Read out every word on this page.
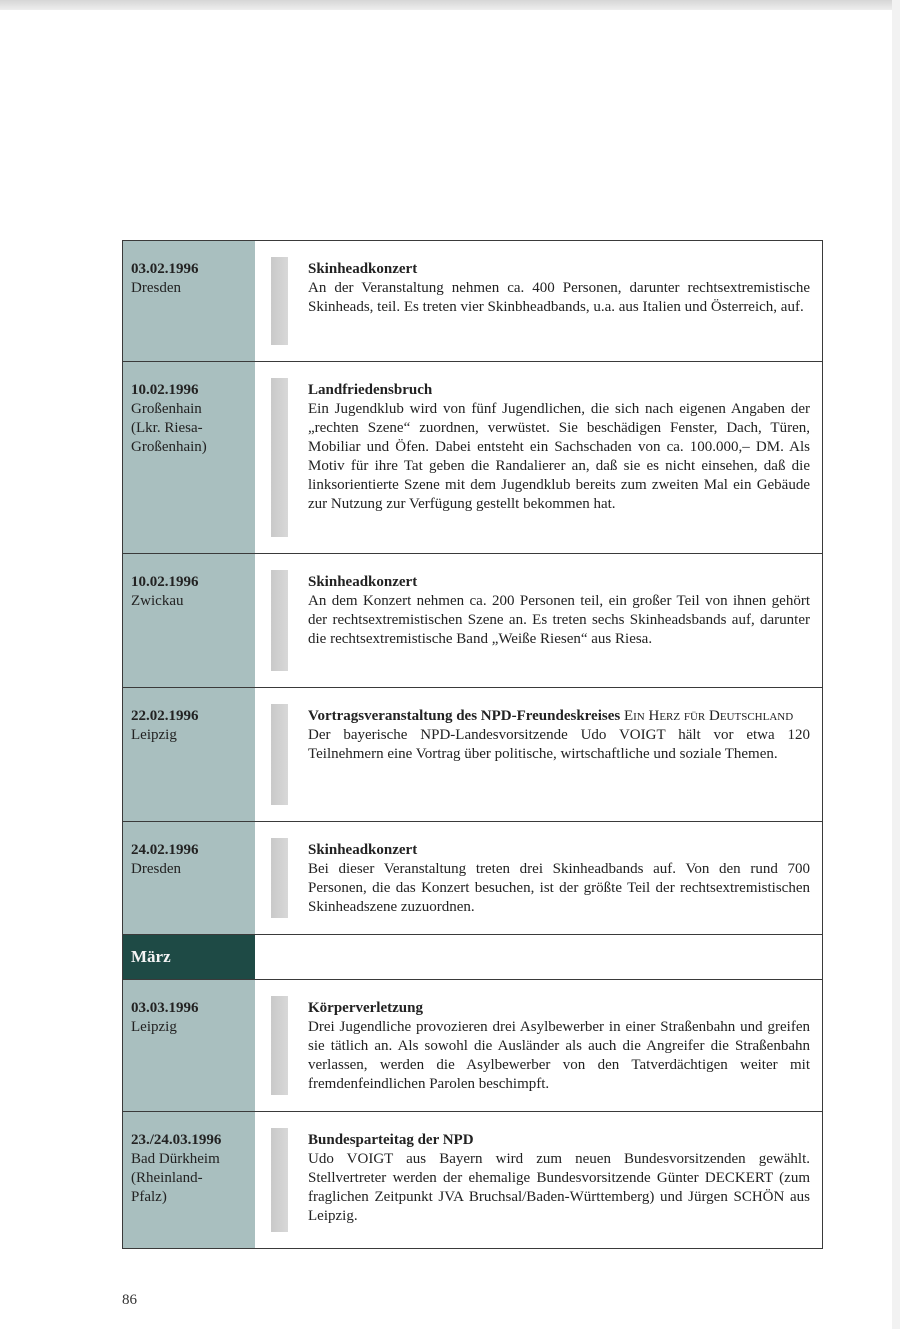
03.02.1996
Dresden
Skinheadkonzert
An der Veranstaltung nehmen ca. 400 Personen, darunter rechtsextremistische Skinheads, teil. Es treten vier Skinbheadbands, u.a. aus Italien und Österreich, auf.
10.02.1996
Großenhain
(Lkr. Riesa-
Großenhain)
Landfriedensbruch
Ein Jugendklub wird von fünf Jugendlichen, die sich nach eigenen Angaben der „rechten Szene“ zuordnen, verwüstet. Sie beschädigen Fenster, Dach, Türen, Mobiliar und Öfen. Dabei entsteht ein Sachschaden von ca. 100.000,– DM. Als Motiv für ihre Tat geben die Randalierer an, daß sie es nicht einsehen, daß die linksorientierte Szene mit dem Jugendklub bereits zum zweiten Mal ein Gebäude zur Nutzung zur Verfügung gestellt bekommen hat.
10.02.1996
Zwickau
Skinheadkonzert
An dem Konzert nehmen ca. 200 Personen teil, ein großer Teil von ihnen gehört der rechtsextremistischen Szene an. Es treten sechs Skinheadsbands auf, darunter die rechtsextremistische Band „Weiße Riesen“ aus Riesa.
22.02.1996
Leipzig
Vortragsveranstaltung des NPD-Freundeskreises Ein Herz für Deutschland
Der bayerische NPD-Landesvorsitzende Udo VOIGT hält vor etwa 120 Teilnehmern eine Vortrag über politische, wirtschaftliche und soziale Themen.
24.02.1996
Dresden
Skinheadkonzert
Bei dieser Veranstaltung treten drei Skinheadbands auf. Von den rund 700 Personen, die das Konzert besuchen, ist der größte Teil der rechtsextremistischen Skinheadszene zuzuordnen.
März
03.03.1996
Leipzig
Körperverletzung
Drei Jugendliche provozieren drei Asylbewerber in einer Straßenbahn und greifen sie tätlich an. Als sowohl die Ausländer als auch die Angreifer die Straßenbahn verlassen, werden die Asylbewerber von den Tatverdächtigen weiter mit fremdenfeindlichen Parolen beschimpft.
23./24.03.1996
Bad Dürkheim
(Rheinland-
Pfalz)
Bundesparteitag der NPD
Udo VOIGT aus Bayern wird zum neuen Bundesvorsitzenden gewählt. Stellvertreter werden der ehemalige Bundesvorsitzende Günter DECKERT (zum fraglichen Zeitpunkt JVA Bruchsal/Baden-Württemberg) und Jürgen SCHÖN aus Leipzig.
86
